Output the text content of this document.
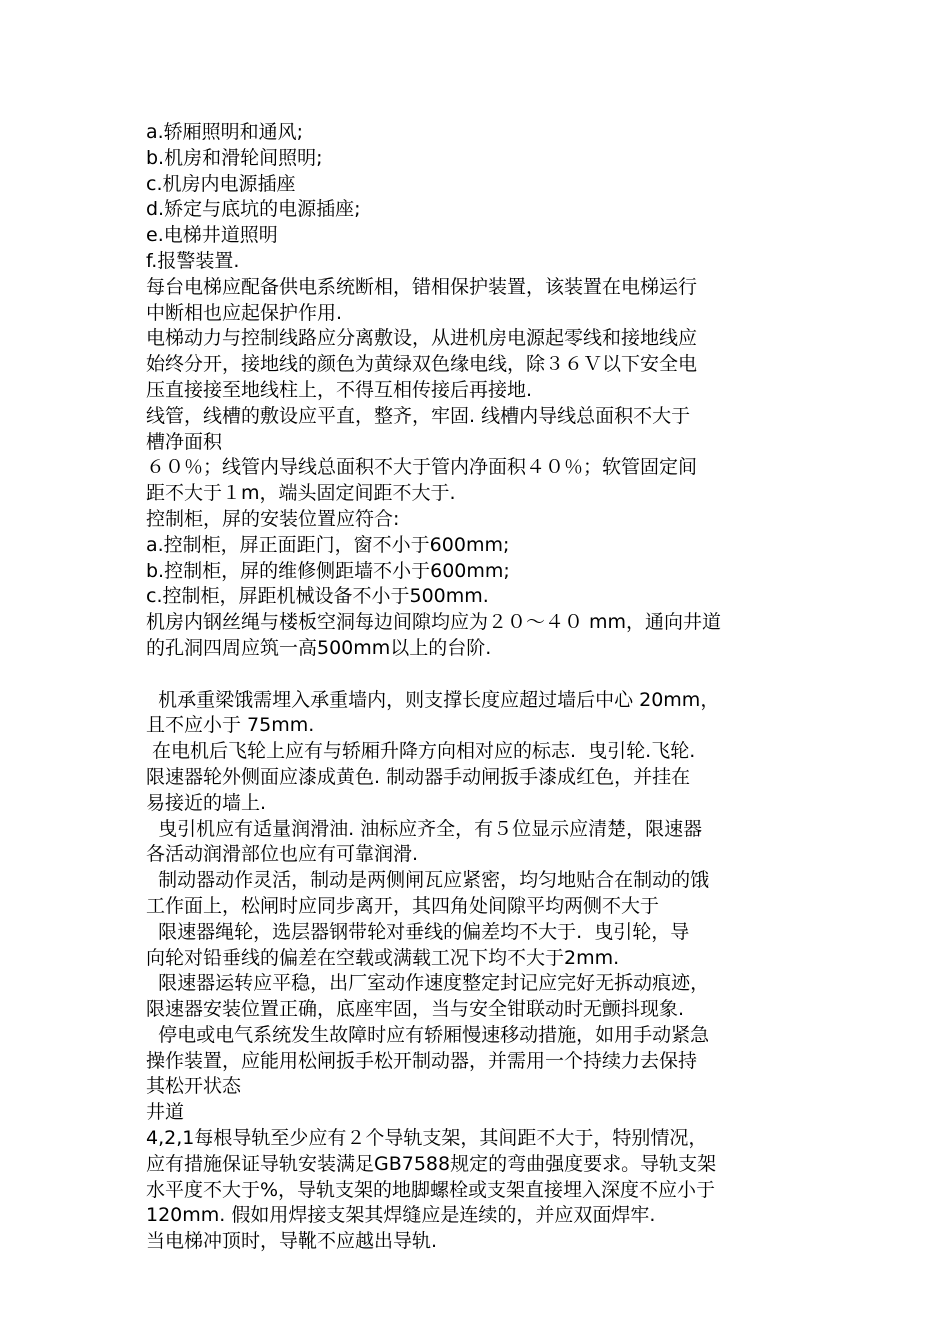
a.轿厢照明和通风;
b.机房和滑轮间照明;
c.机房内电源插座
d.矫定与底坑的电源插座;
e.电梯井道照明
f.报警装置.
每台电梯应配备供电系统断相，错相保护装置，该装置在电梯运行
中断相也应起保护作用.
电梯动力与控制线路应分离敷设，从进机房电源起零线和接地线应
始终分开，接地线的颜色为黄绿双色缘电线，除３６Ｖ以下安全电
压直接接至地线柱上，不得互相传接后再接地.
线管，线槽的敷设应平直，整齐，牢固. 线槽内导线总面积不大于
槽净面积
６０％；线管内导线总面积不大于管内净面积４０％；软管固定间
距不大于１m，端头固定间距不大于.
控制柜，屏的安装位置应符合:
a.控制柜，屏正面距门，窗不小于600mm;
b.控制柜，屏的维修侧距墙不小于600mm;
c.控制柜，屏距机械设备不小于500mm.
机房内钢丝绳与楼板空洞每边间隙均应为２０～４０ mm，通向井道
的孔洞四周应筑一高500mm以上的台阶.
机承重梁饿需埋入承重墙内，则支撑长度应超过墙后中心 20mm，
且不应小于 75mm.
在电机后飞轮上应有与轿厢升降方向相对应的标志.  曳引轮.飞轮.
限速器轮外侧面应漆成黄色. 制动器手动闸扳手漆成红色，并挂在
易接近的墙上.
曳引机应有适量润滑油. 油标应齐全，有５位显示应清楚，限速器
各活动润滑部位也应有可靠润滑.
制动器动作灵活，制动是两侧闸瓦应紧密，均匀地贴合在制动的饿
工作面上，松闸时应同步离开，其四角处间隙平均两侧不大于
限速器绳轮，选层器钢带轮对垂线的偏差均不大于.  曳引轮，导
向轮对铅垂线的偏差在空载或满载工况下均不大于2mm.
限速器运转应平稳，出厂室动作速度整定封记应完好无拆动痕迹，
限速器安装位置正确，底座牢固，当与安全钳联动时无颤抖现象.
停电或电气系统发生故障时应有轿厢慢速移动措施，如用手动紧急
操作装置，应能用松闸扳手松开制动器，并需用一个持续力去保持
其松开状态
井道
4,2,1每根导轨至少应有２个导轨支架，其间距不大于，特别情况，
应有措施保证导轨安装满足GB7588规定的弯曲强度要求。导轨支架
水平度不大于%，导轨支架的地脚螺栓或支架直接埋入深度不应小于
120mm. 假如用焊接支架其焊缝应是连续的，并应双面焊牢.
当电梯冲顶时，导靴不应越出导轨.
